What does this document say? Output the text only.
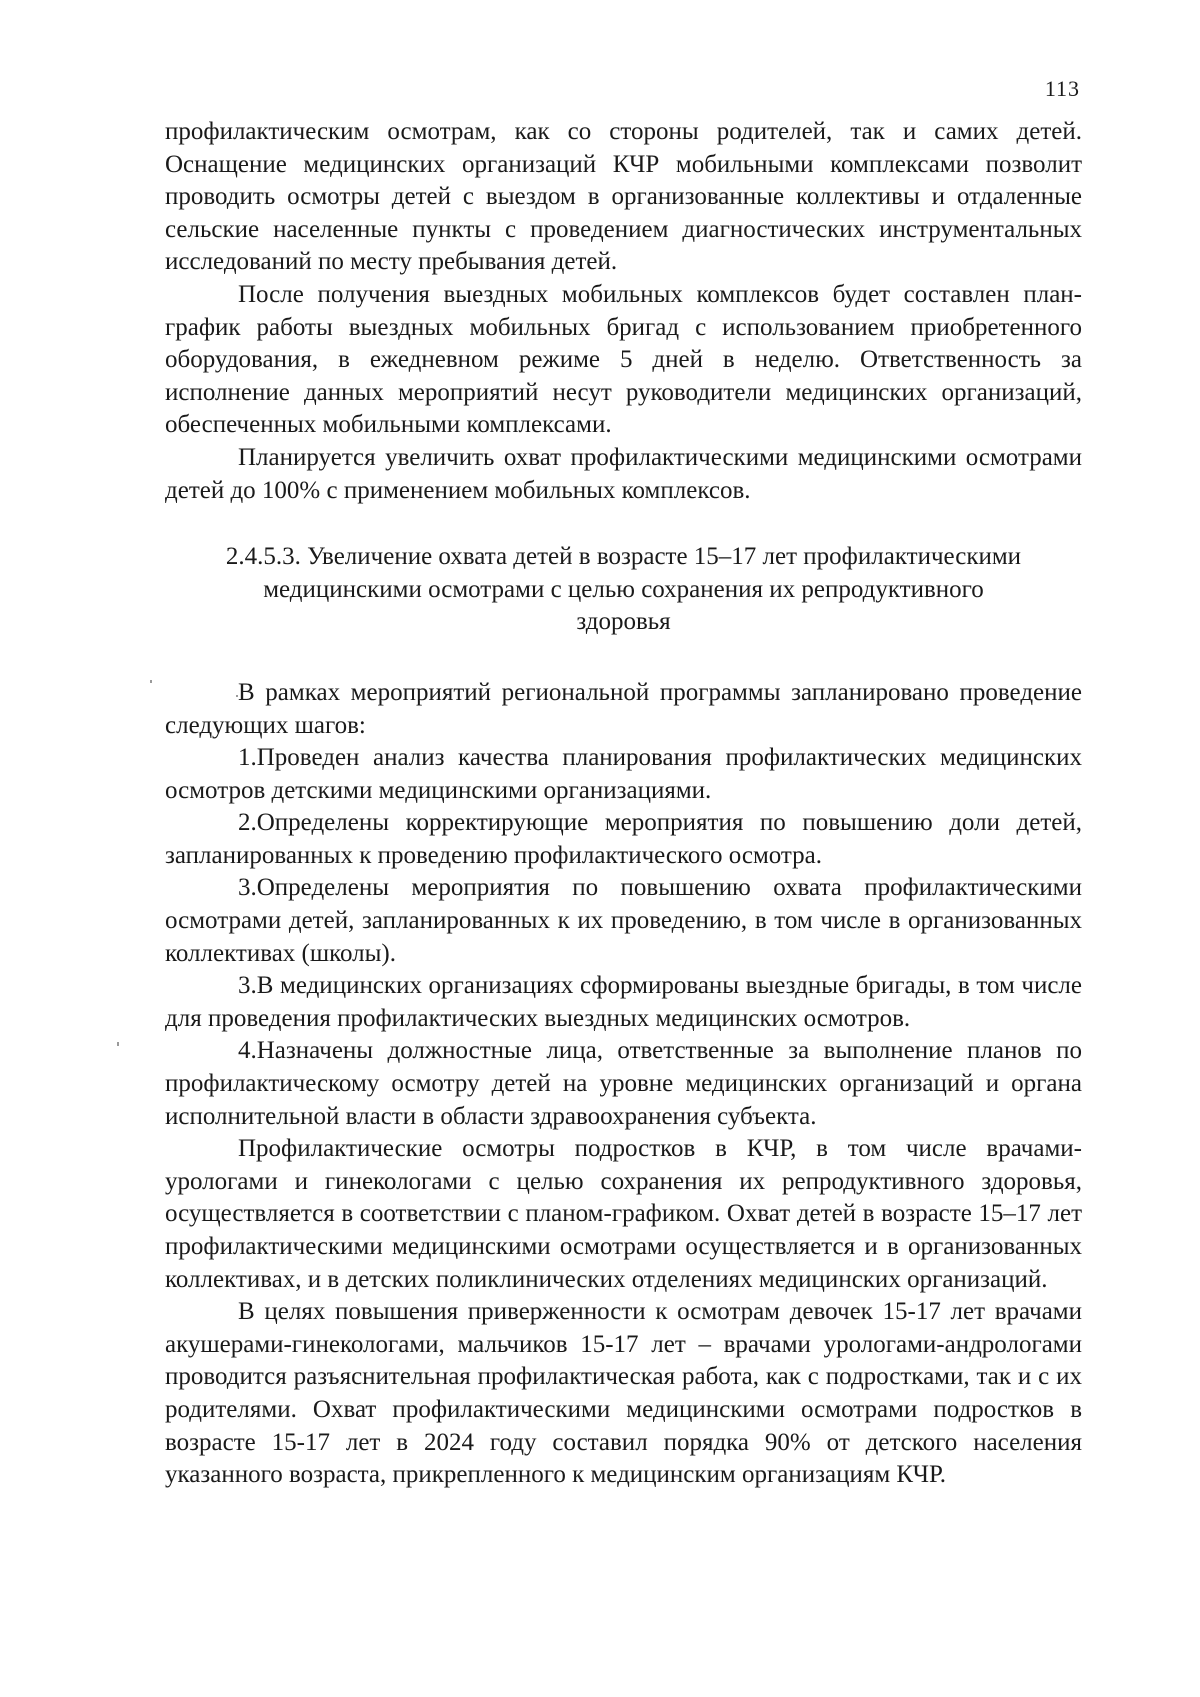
113

профилактическим осмотрам, как со стороны родителей, так и самих детей. Оснащение медицинских организаций КЧР мобильными комплексами позволит проводить осмотры детей с выездом в организованные коллективы и отдаленные сельские населенные пункты с проведением диагностических инструментальных исследований по месту пребывания детей.

После получения выездных мобильных комплексов будет составлен план-график работы выездных мобильных бригад с использованием приобретенного оборудования, в ежедневном режиме 5 дней в неделю. Ответственность за исполнение данных мероприятий несут руководители медицинских организаций, обеспеченных мобильными комплексами.

Планируется увеличить охват профилактическими медицинскими осмотрами детей до 100% с применением мобильных комплексов.

2.4.5.3. Увеличение охвата детей в возрасте 15–17 лет профилактическими
медицинскими осмотрами с целью сохранения их репродуктивного
здоровья

В рамках мероприятий региональной программы запланировано проведение следующих шагов:

1.Проведен анализ качества планирования профилактических медицинских осмотров детскими медицинскими организациями.

2.Определены корректирующие мероприятия по повышению доли детей, запланированных к проведению профилактического осмотра.

3.Определены мероприятия по повышению охвата профилактическими осмотрами детей, запланированных к их проведению, в том числе в организованных коллективах (школы).

3.В медицинских организациях сформированы выездные бригады, в том числе для проведения профилактических выездных медицинских осмотров.

4.Назначены должностные лица, ответственные за выполнение планов по профилактическому осмотру детей на уровне медицинских организаций и органа исполнительной власти в области здравоохранения субъекта.

Профилактические осмотры подростков в КЧР, в том числе врачами-урологами и гинекологами с целью сохранения их репродуктивного здоровья, осуществляется в соответствии с планом-графиком. Охват детей в возрасте 15–17 лет профилактическими медицинскими осмотрами осуществляется и в организованных коллективах, и в детских поликлинических отделениях медицинских организаций.

В целях повышения приверженности к осмотрам девочек 15-17 лет врачами акушерами-гинекологами, мальчиков 15-17 лет – врачами урологами-андрологами проводится разъяснительная профилактическая работа, как с подростками, так и с их родителями. Охват профилактическими медицинскими осмотрами подростков в возрасте 15-17 лет в 2024 году составил порядка 90% от детского населения указанного возраста, прикрепленного к медицинским организациям КЧР.
